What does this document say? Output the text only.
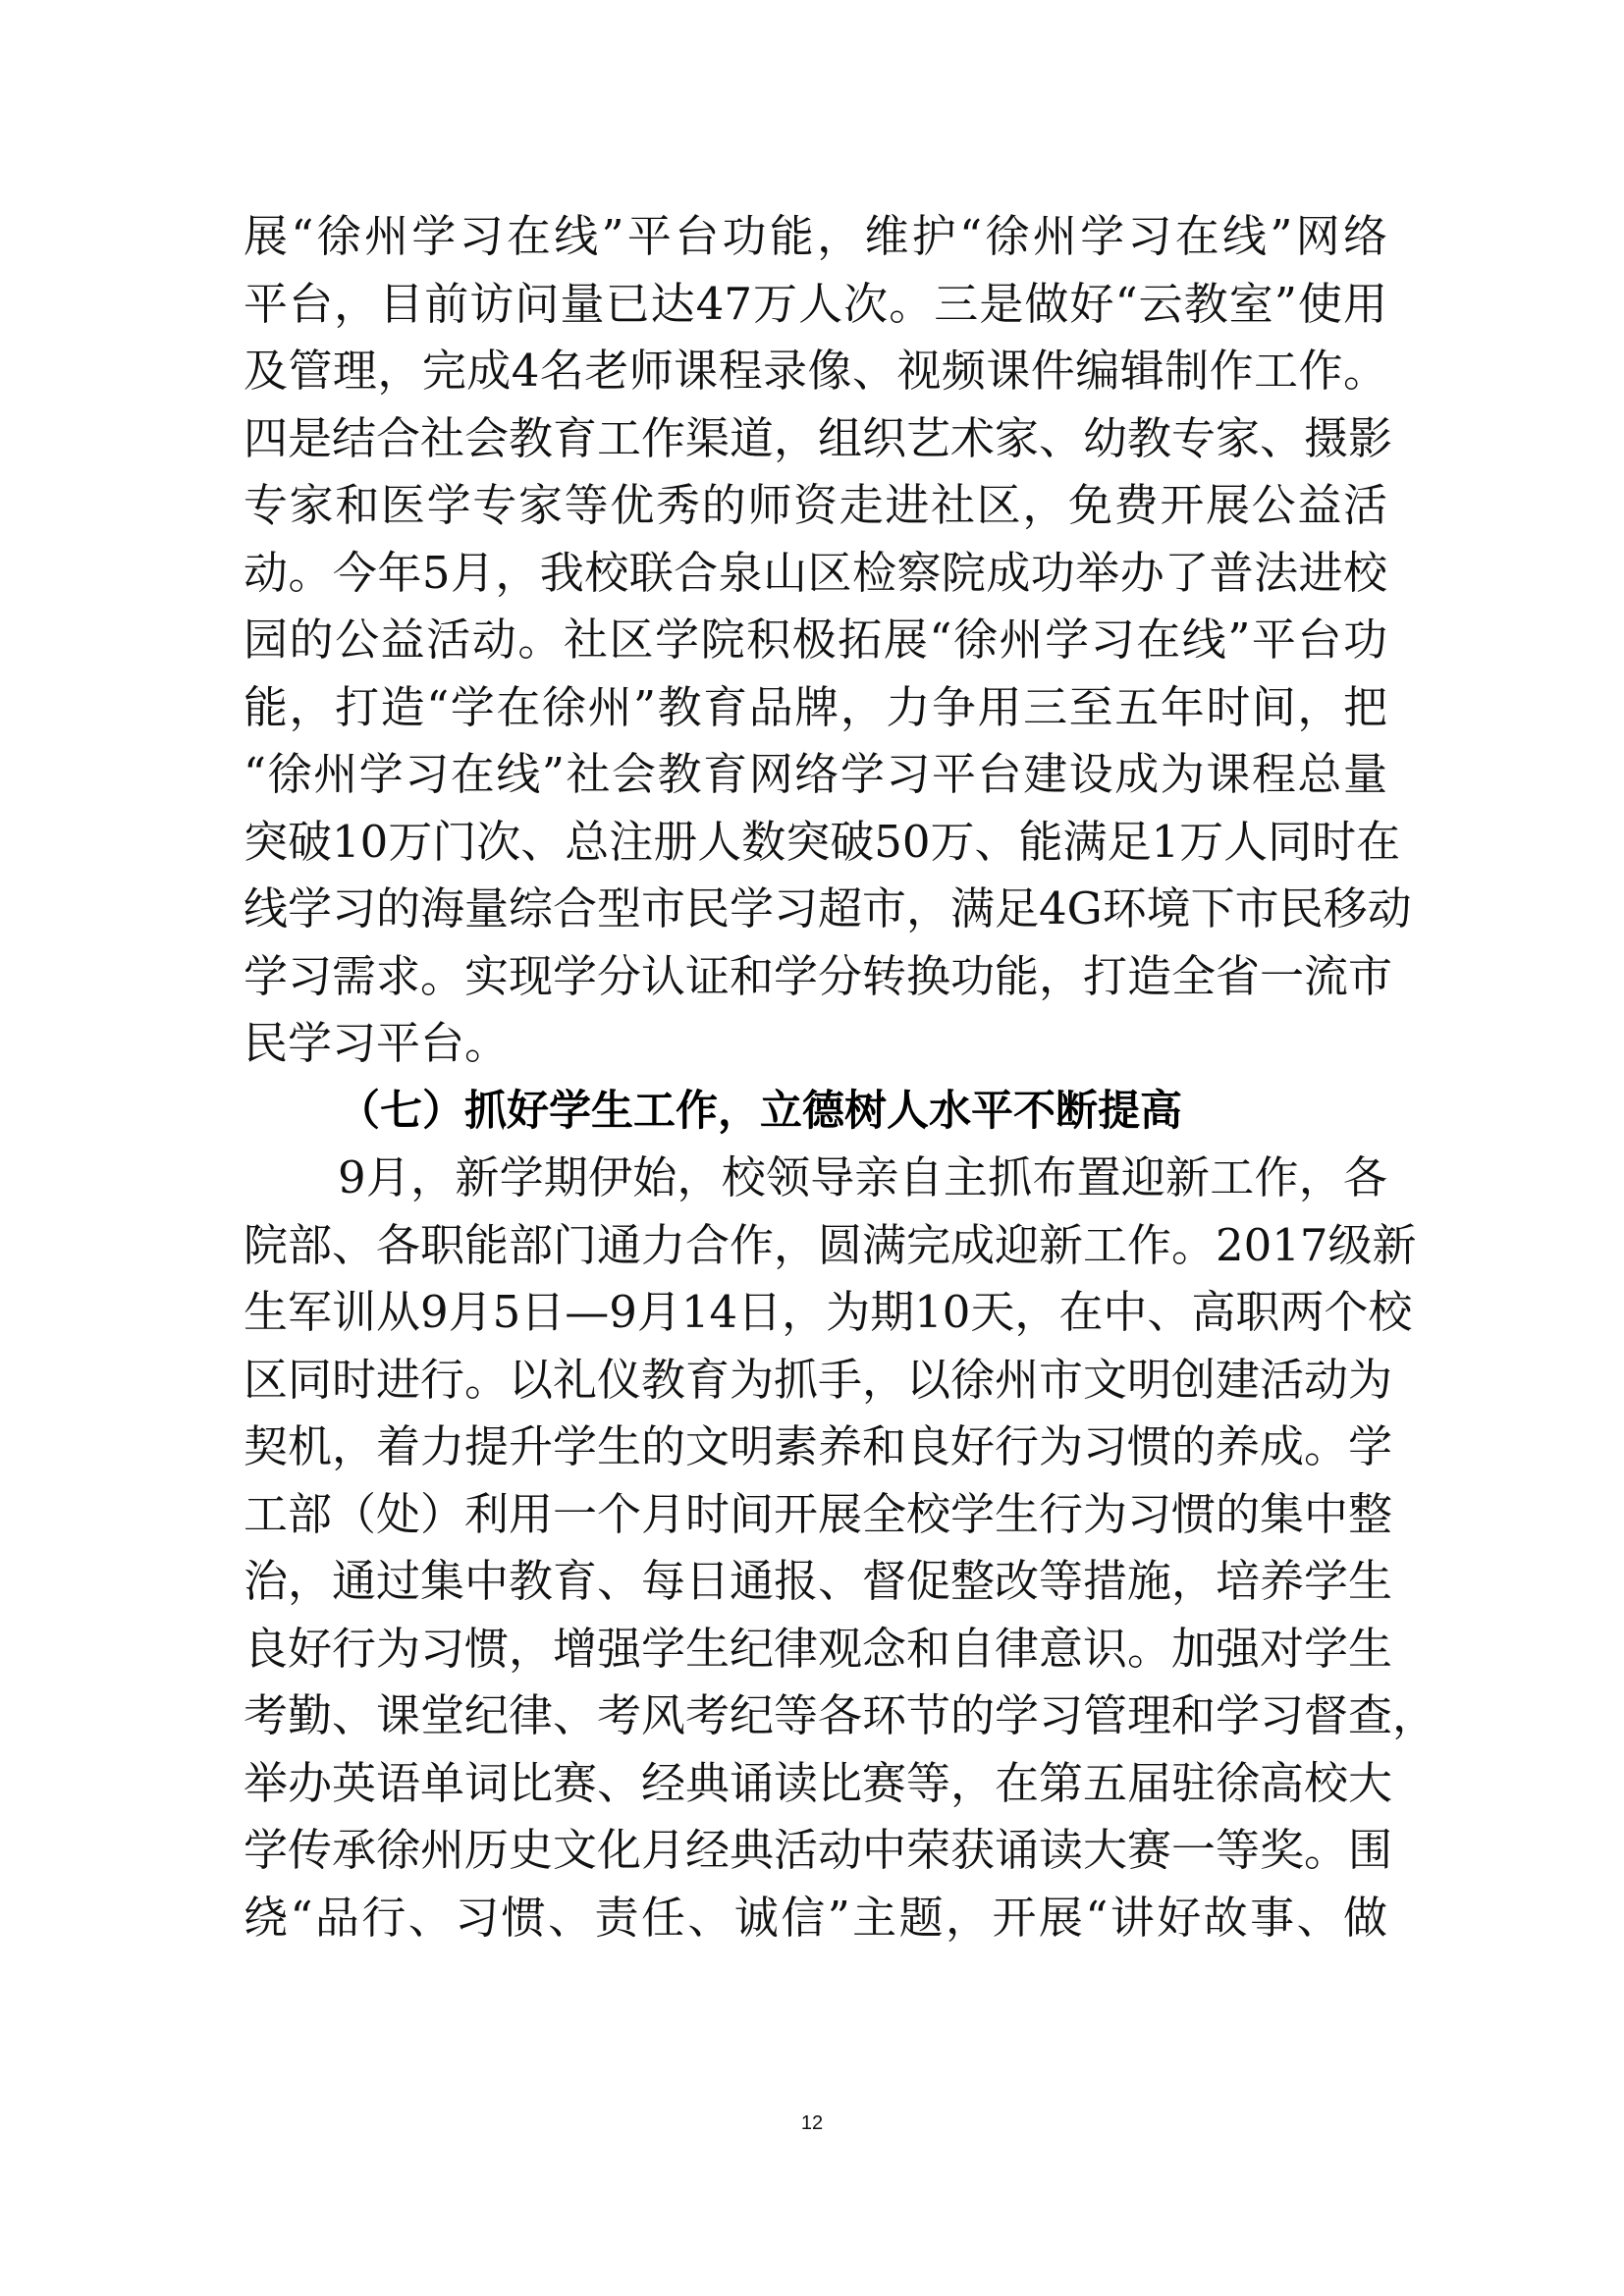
展“徐州学习在线”平台功能，维护“徐州学习在线”网络
平台，目前访问量已达47万人次。三是做好“云教室”使用
及管理，完成4名老师课程录像、视频课件编辑制作工作。
四是结合社会教育工作渠道，组织艺术家、幼教专家、摄影
专家和医学专家等优秀的师资走进社区，免费开展公益活
动。今年5月，我校联合泉山区检察院成功举办了普法进校
园的公益活动。社区学院积极拓展“徐州学习在线”平台功
能，打造“学在徐州”教育品牌，力争用三至五年时间，把
“徐州学习在线”社会教育网络学习平台建设成为课程总量
突破10万门次、总注册人数突破50万、能满足1万人同时在
线学习的海量综合型市民学习超市，满足4G环境下市民移动
学习需求。实现学分认证和学分转换功能，打造全省一流市
民学习平台。
（七）抓好学生工作，立德树人水平不断提高
9月，新学期伊始，校领导亲自主抓布置迎新工作，各
院部、各职能部门通力合作，圆满完成迎新工作。2017级新
生军训从9月5日—9月14日，为期10天，在中、高职两个校
区同时进行。以礼仪教育为抓手，以徐州市文明创建活动为
契机，着力提升学生的文明素养和良好行为习惯的养成。学
工部（处）利用一个月时间开展全校学生行为习惯的集中整
治，通过集中教育、每日通报、督促整改等措施，培养学生
良好行为习惯，增强学生纪律观念和自律意识。加强对学生
考勤、课堂纪律、考风考纪等各环节的学习管理和学习督查，
举办英语单词比赛、经典诵读比赛等，在第五届驻徐高校大
学传承徐州历史文化月经典活动中荣获诵读大赛一等奖。围
绕“品行、习惯、责任、诚信”主题，开展“讲好故事、做
12
